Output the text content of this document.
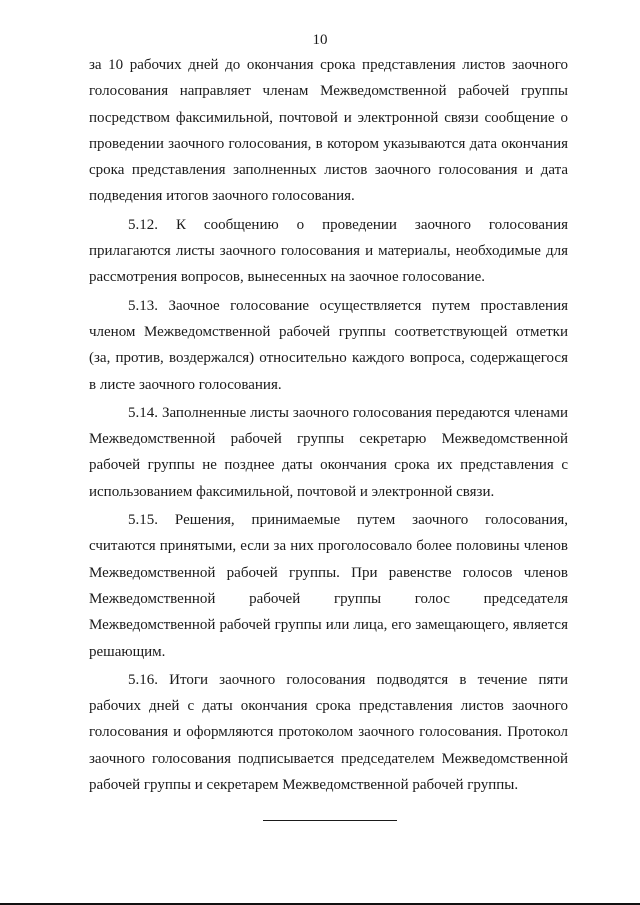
10

за 10 рабочих дней до окончания срока представления листов заочного голосования направляет членам Межведомственной рабочей группы посредством факсимильной, почтовой и электронной связи сообщение о проведении заочного голосования, в котором указываются дата окончания срока представления заполненных листов заочного голосования и дата подведения итогов заочного голосования.

5.12. К сообщению о проведении заочного голосования прилагаются листы заочного голосования и материалы, необходимые для рассмотрения вопросов, вынесенных на заочное голосование.

5.13. Заочное голосование осуществляется путем проставления членом Межведомственной рабочей группы соответствующей отметки (за, против, воздержался) относительно каждого вопроса, содержащегося в листе заочного голосования.

5.14. Заполненные листы заочного голосования передаются членами Межведомственной рабочей группы секретарю Межведомственной рабочей группы не позднее даты окончания срока их представления с использованием факсимильной, почтовой и электронной связи.

5.15. Решения, принимаемые путем заочного голосования, считаются принятыми, если за них проголосовало более половины членов Межведомственной рабочей группы. При равенстве голосов членов Межведомственной рабочей группы голос председателя Межведомственной рабочей группы или лица, его замещающего, является решающим.

5.16. Итоги заочного голосования подводятся в течение пяти рабочих дней с даты окончания срока представления листов заочного голосования и оформляются протоколом заочного голосования. Протокол заочного голосования подписывается председателем Межведомственной рабочей группы и секретарем Межведомственной рабочей группы.
